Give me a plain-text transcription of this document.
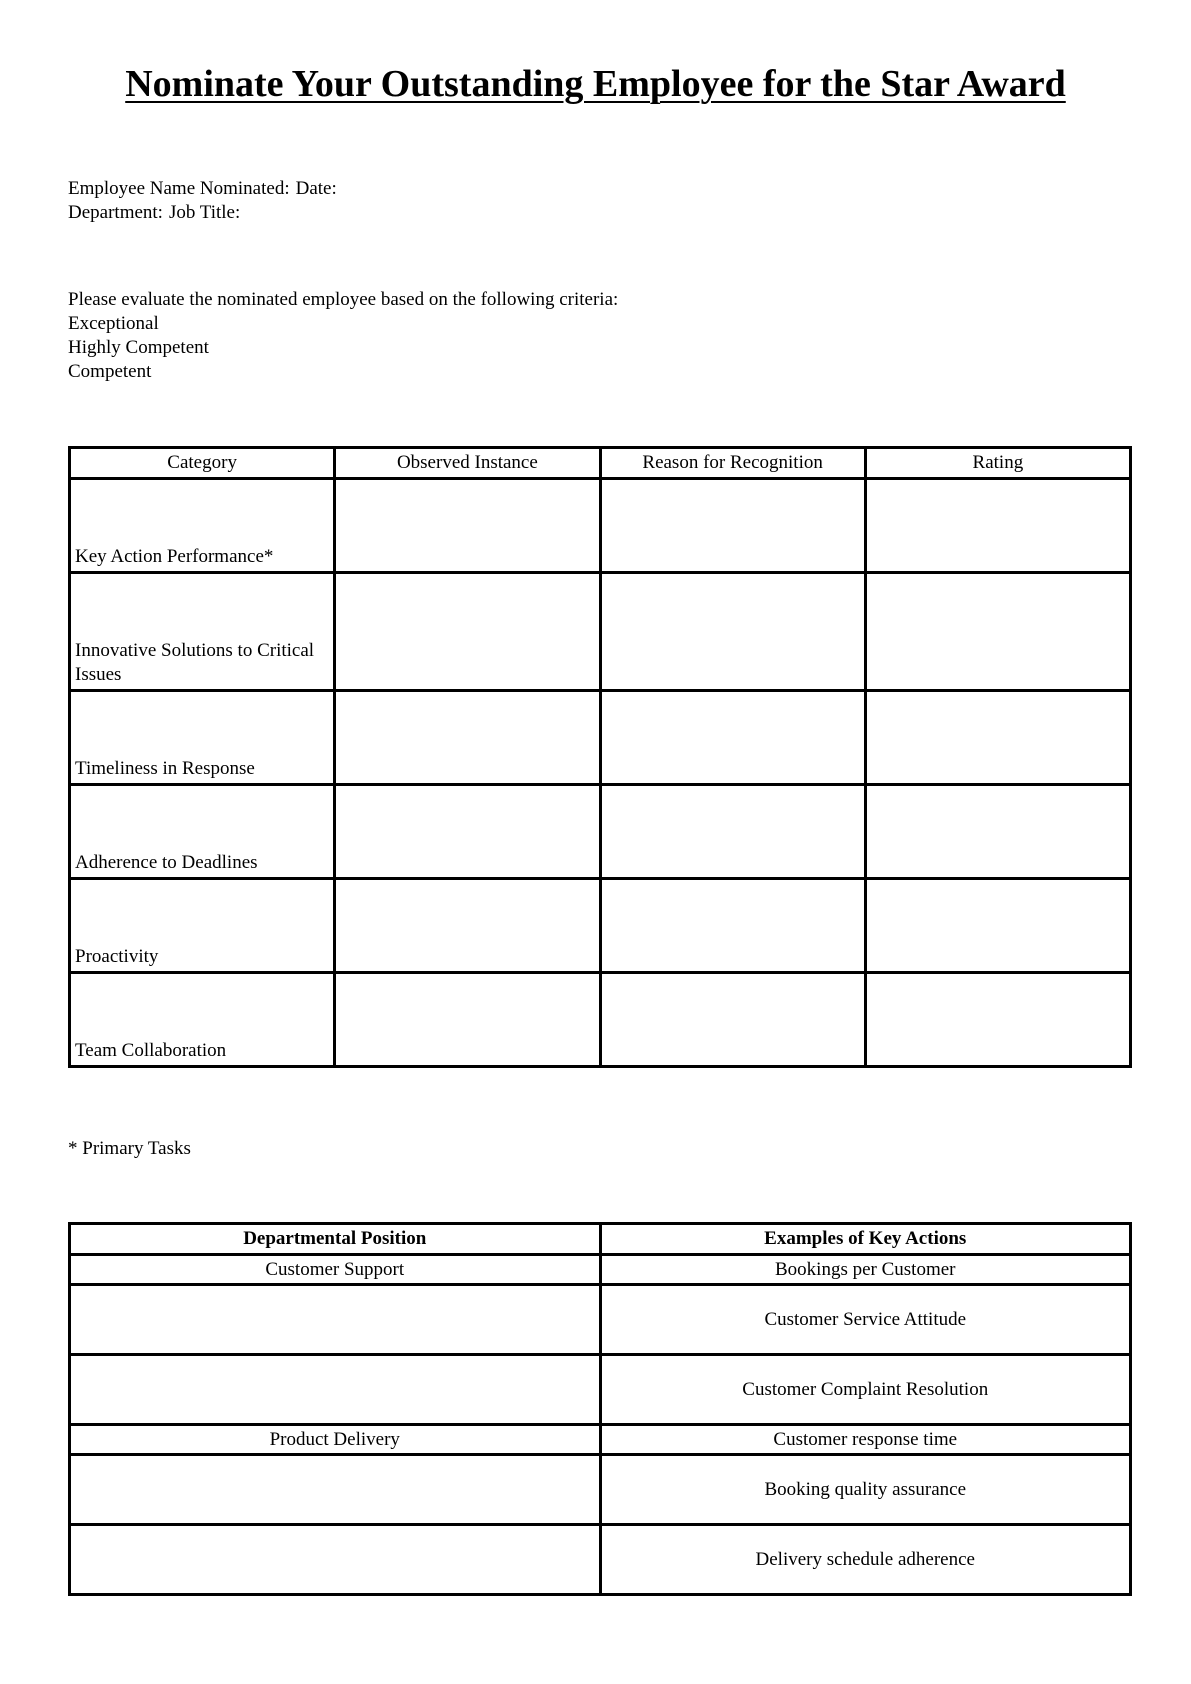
Nominate Your Outstanding Employee for the Star Award
Employee Name Nominated: Date:
Department: Job Title:
Please evaluate the nominated employee based on the following criteria:
Exceptional
Highly Competent
Competent
Category	Observed Instance	Reason for Recognition	Rating
Key Action Performance*			
Innovative Solutions to Critical Issues			
Timeliness in Response			
Adherence to Deadlines			
Proactivity			
Team Collaboration			
* Primary Tasks
Departmental Position	Examples of Key Actions
Customer Support	Bookings per Customer
	Customer Service Attitude
	Customer Complaint Resolution
Product Delivery	Customer response time
	Booking quality assurance
	Delivery schedule adherence
